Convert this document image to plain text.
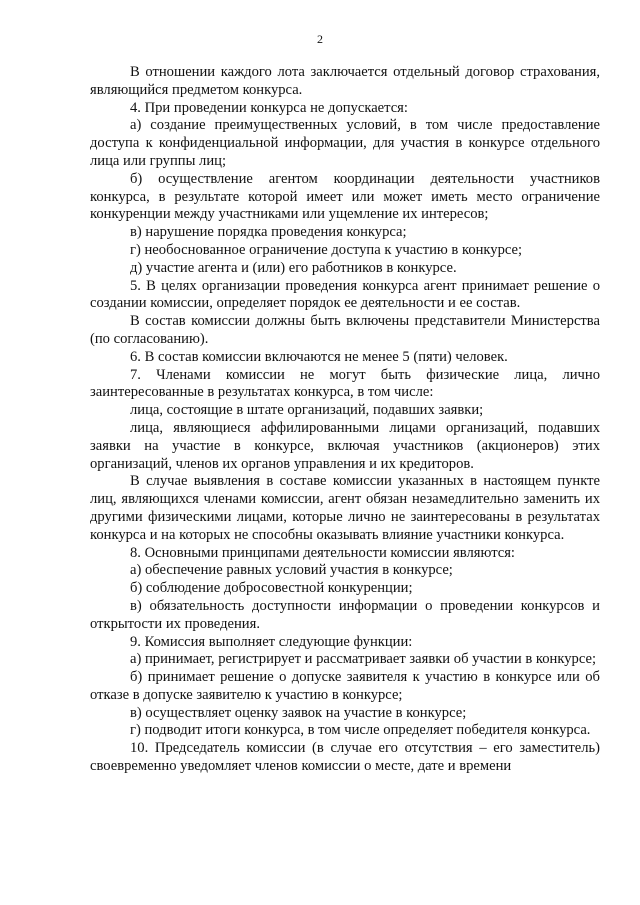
2

В отношении каждого лота заключается отдельный договор страхования, являющийся предметом конкурса.

4. При проведении конкурса не допускается:

а) создание преимущественных условий, в том числе предоставление доступа к конфиденциальной информации, для участия в конкурсе отдельного лица или группы лиц;

б) осуществление агентом координации деятельности участников конкурса, в результате которой имеет или может иметь место ограничение конкуренции между участниками или ущемление их интересов;

в) нарушение порядка проведения конкурса;

г) необоснованное ограничение доступа к участию в конкурсе;

д) участие агента и (или) его работников в конкурсе.

5. В целях организации проведения конкурса агент принимает решение о создании комиссии, определяет порядок ее деятельности и ее состав.

В состав комиссии должны быть включены представители Министерства (по согласованию).

6. В состав комиссии включаются не менее 5 (пяти) человек.

7. Членами комиссии не могут быть физические лица, лично заинтересованные в результатах конкурса, в том числе:

лица, состоящие в штате организаций, подавших заявки;

лица, являющиеся аффилированными лицами организаций, подавших заявки на участие в конкурсе, включая участников (акционеров) этих организаций, членов их органов управления и их кредиторов.

В случае выявления в составе комиссии указанных в настоящем пункте лиц, являющихся членами комиссии, агент обязан незамедлительно заменить их другими физическими лицами, которые лично не заинтересованы в результатах конкурса и на которых не способны оказывать влияние участники конкурса.

8. Основными принципами деятельности комиссии являются:

а) обеспечение равных условий участия в конкурсе;

б) соблюдение добросовестной конкуренции;

в) обязательность доступности информации о проведении конкурсов и открытости их проведения.

9. Комиссия выполняет следующие функции:

а) принимает, регистрирует и рассматривает заявки об участии в конкурсе;

б) принимает решение о допуске заявителя к участию в конкурсе или об отказе в допуске заявителю к участию в конкурсе;

в) осуществляет оценку заявок на участие в конкурсе;

г) подводит итоги конкурса, в том числе определяет победителя конкурса.

10. Председатель комиссии (в случае его отсутствия – его заместитель) своевременно уведомляет членов комиссии о месте, дате и времени
